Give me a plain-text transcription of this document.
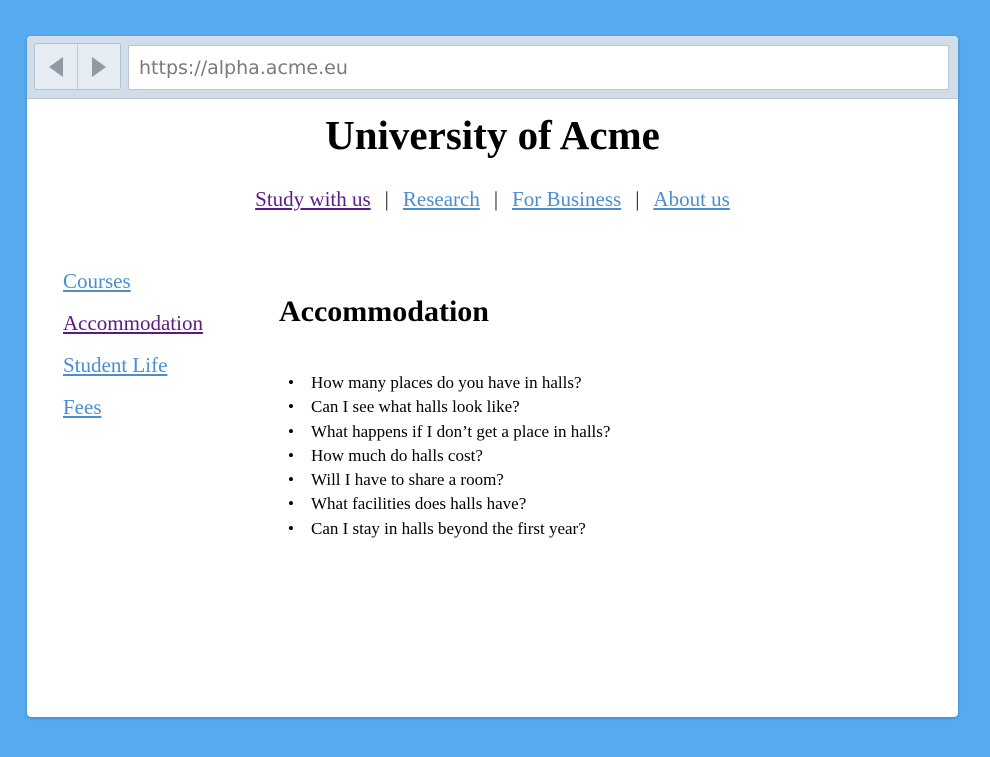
https://alpha.acme.eu
University of Acme
Study with us | Research | For Business | About us
Courses
Accommodation
Student Life
Fees
Accommodation
• How many places do you have in halls?
• Can I see what halls look like?
• What happens if I don’t get a place in halls?
• How much do halls cost?
• Will I have to share a room?
• What facilities does halls have?
• Can I stay in halls beyond the first year?
